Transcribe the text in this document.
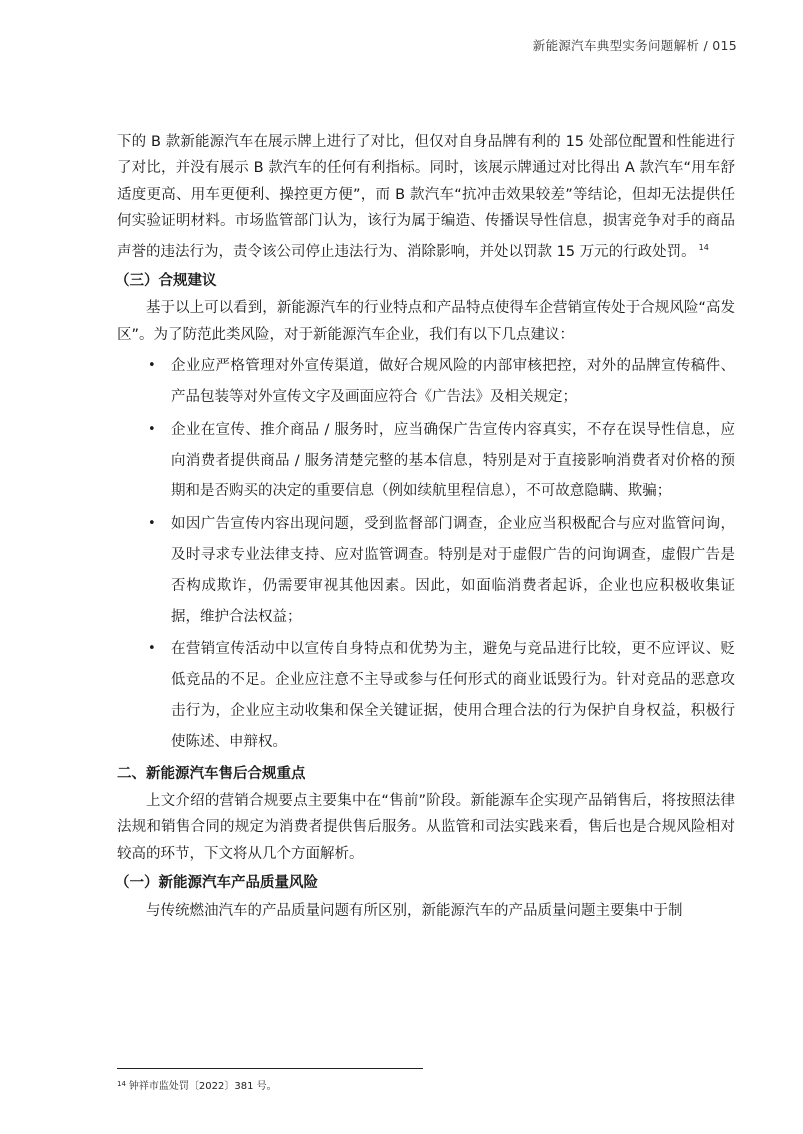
新能源汽车典型实务问题解析 / 015

下的 B 款新能源汽车在展示牌上进行了对比，但仅对自身品牌有利的 15 处部位配置和性能进行了对比，并没有展示 B 款汽车的任何有利指标。同时，该展示牌通过对比得出 A 款汽车“用车舒适度更高、用车更便利、操控更方便”，而 B 款汽车“抗冲击效果较差”等结论，但却无法提供任何实验证明材料。市场监管部门认为，该行为属于编造、传播误导性信息，损害竞争对手的商品声誉的违法行为，责令该公司停止违法行为、消除影响，并处以罚款 15 万元的行政处罚。 $^{14}$

（三）合规建议

基于以上可以看到，新能源汽车的行业特点和产品特点使得车企营销宣传处于合规风险“高发区”。为了防范此类风险，对于新能源汽车企业，我们有以下几点建议：

• 企业应严格管理对外宣传渠道，做好合规风险的内部审核把控，对外的品牌宣传稿件、产品包装等对外宣传文字及画面应符合《广告法》及相关规定；
• 企业在宣传、推介商品 / 服务时，应当确保广告宣传内容真实，不存在误导性信息，应向消费者提供商品 / 服务清楚完整的基本信息，特别是对于直接影响消费者对价格的预期和是否购买的决定的重要信息（例如续航里程信息），不可故意隐瞒、欺骗；
• 如因广告宣传内容出现问题，受到监督部门调查，企业应当积极配合与应对监管问询，及时寻求专业法律支持、应对监管调查。特别是对于虚假广告的问询调查，虚假广告是否构成欺诈，仍需要审视其他因素。因此，如面临消费者起诉，企业也应积极收集证据，维护合法权益；
• 在营销宣传活动中以宣传自身特点和优势为主，避免与竞品进行比较，更不应评议、贬低竞品的不足。企业应注意不主导或参与任何形式的商业诋毁行为。针对竞品的恶意攻击行为，企业应主动收集和保全关键证据，使用合理合法的行为保护自身权益，积极行使陈述、申辩权。
二、新能源汽车售后合规重点

上文介绍的营销合规要点主要集中在“售前”阶段。新能源车企实现产品销售后，将按照法律法规和销售合同的规定为消费者提供售后服务。从监管和司法实践来看，售后也是合规风险相对较高的环节，下文将从几个方面解析。

（一）新能源汽车产品质量风险

与传统燃油汽车的产品质量问题有所区别，新能源汽车的产品质量问题主要集中于制

$^{14}$ 钟祥市监处罚〔2022〕381 号。
